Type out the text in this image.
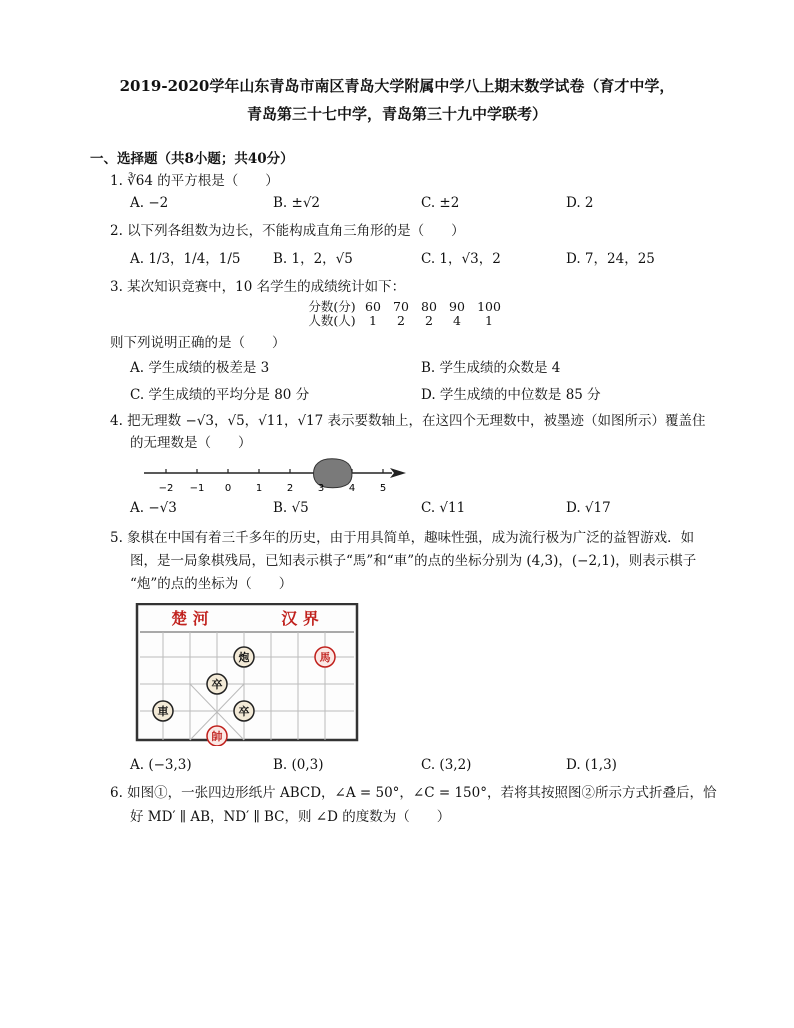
2019-2020学年山东青岛市南区青岛大学附属中学八上期末数学试卷（育才中学，
青岛第三十七中学，青岛第三十九中学联考）
一、选择题（共8小题；共40分）
1. ∛64 的平方根是（　　）
A. −2	B. ±√2	C. ±2	D. 2
2. 以下列各组数为边长，不能构成直角三角形的是（　　）
A. 1/3，1/4，1/5 B. 1，2，√5	C. 1，√3，2	D. 7，24，25
3. 某次知识竞赛中，10 名学生的成绩统计如下：
分数(分) 60 70 80 90 100
人数(人) 1 2 2 4 1
则下列说明正确的是（　　）
A. 学生成绩的极差是 3	B. 学生成绩的众数是 4
C. 学生成绩的平均分是 80 分	D. 学生成绩的中位数是 85 分
4. 把无理数 −√3，√5，√11，√17 表示要数轴上，在这四个无理数中，被墨迹（如图所示）覆盖住
的无理数是（　　）
−2 −1 0 1 2 3 4 5
A. −√3	B. √5	C. √11	D. √17
5. 象棋在中国有着三千多年的历史，由于用具简单，趣味性强，成为流行极为广泛的益智游戏．如
图，是一局象棋残局，已知表示棋子“馬”和“車”的点的坐标分别为 (4,3)，(−2,1)，则表示棋子
“炮”的点的坐标为（　　）
楚 河	汉 界
炮	馬
卒
車	卒
帥
A. (−3,3)	B. (0,3)	C. (3,2)	D. (1,3)
6. 如图①，一张四边形纸片 ABCD，∠A = 50°，∠C = 150°，若将其按照图②所示方式折叠后，恰
好 MD′ ∥ AB，ND′ ∥ BC，则 ∠D 的度数为（　　）
